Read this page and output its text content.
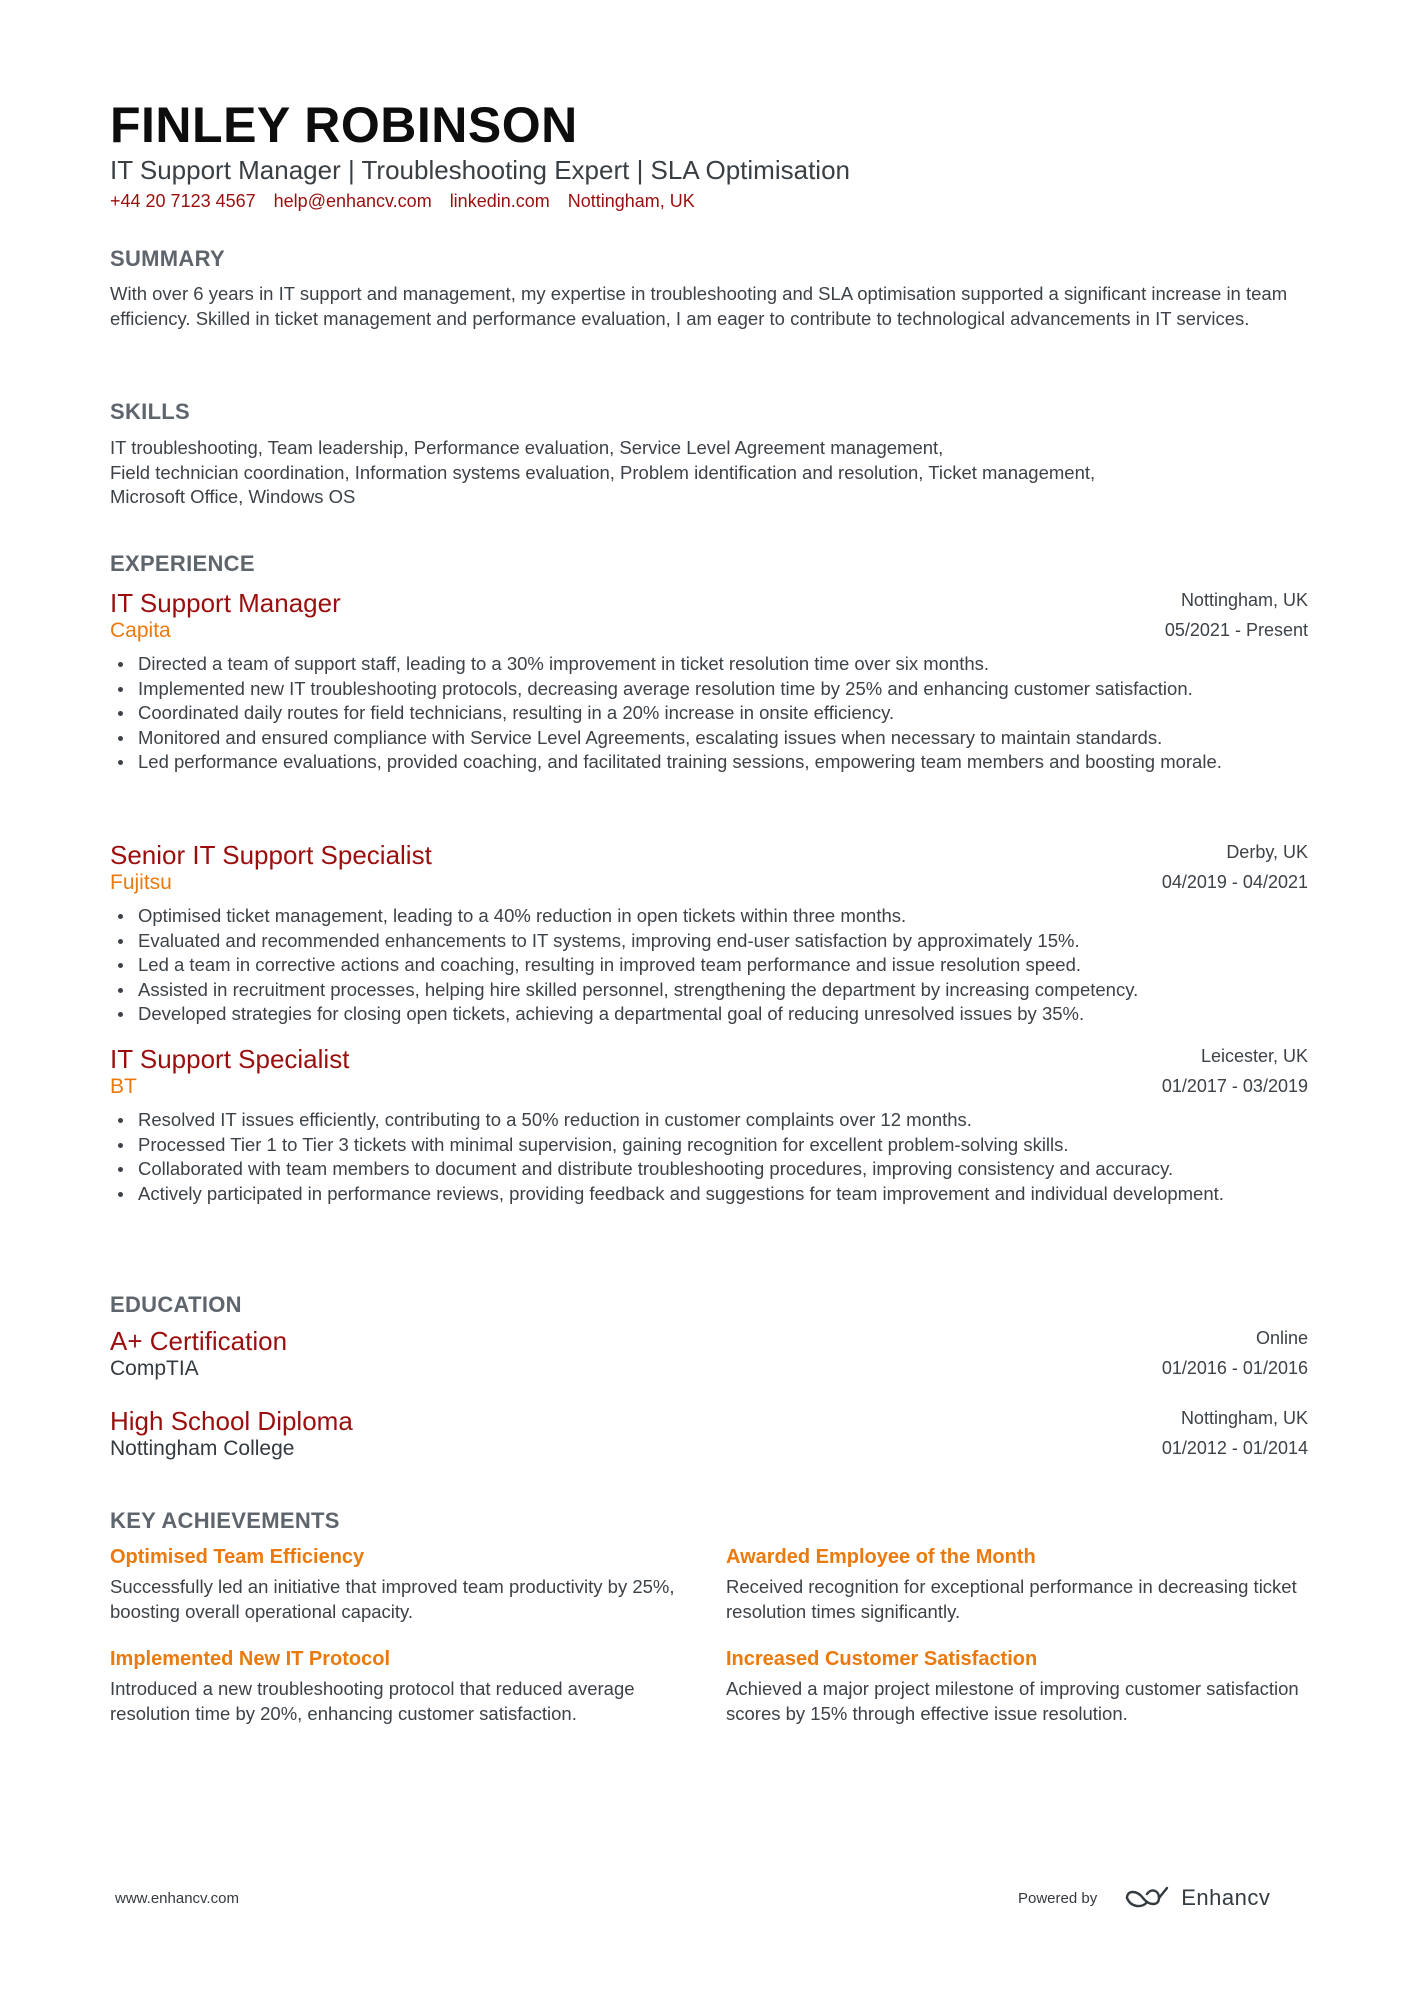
FINLEY ROBINSON
IT Support Manager | Troubleshooting Expert | SLA Optimisation
+44 20 7123 4567 help@enhancv.com linkedin.com Nottingham, UK
SUMMARY
With over 6 years in IT support and management, my expertise in troubleshooting and SLA optimisation supported a significant increase in team efficiency. Skilled in ticket management and performance evaluation, I am eager to contribute to technological advancements in IT services.
SKILLS
IT troubleshooting, Team leadership, Performance evaluation, Service Level Agreement management,
Field technician coordination, Information systems evaluation, Problem identification and resolution, Ticket management,
Microsoft Office, Windows OS
EXPERIENCE
IT Support Manager
Capita
Nottingham, UK
05/2021 - Present
Directed a team of support staff, leading to a 30% improvement in ticket resolution time over six months.
Implemented new IT troubleshooting protocols, decreasing average resolution time by 25% and enhancing customer satisfaction.
Coordinated daily routes for field technicians, resulting in a 20% increase in onsite efficiency.
Monitored and ensured compliance with Service Level Agreements, escalating issues when necessary to maintain standards.
Led performance evaluations, provided coaching, and facilitated training sessions, empowering team members and boosting morale.
Senior IT Support Specialist
Fujitsu
Derby, UK
04/2019 - 04/2021
Optimised ticket management, leading to a 40% reduction in open tickets within three months.
Evaluated and recommended enhancements to IT systems, improving end-user satisfaction by approximately 15%.
Led a team in corrective actions and coaching, resulting in improved team performance and issue resolution speed.
Assisted in recruitment processes, helping hire skilled personnel, strengthening the department by increasing competency.
Developed strategies for closing open tickets, achieving a departmental goal of reducing unresolved issues by 35%.
IT Support Specialist
BT
Leicester, UK
01/2017 - 03/2019
Resolved IT issues efficiently, contributing to a 50% reduction in customer complaints over 12 months.
Processed Tier 1 to Tier 3 tickets with minimal supervision, gaining recognition for excellent problem-solving skills.
Collaborated with team members to document and distribute troubleshooting procedures, improving consistency and accuracy.
Actively participated in performance reviews, providing feedback and suggestions for team improvement and individual development.
EDUCATION
A+ Certification
CompTIA
Online
01/2016 - 01/2016
High School Diploma
Nottingham College
Nottingham, UK
01/2012 - 01/2014
KEY ACHIEVEMENTS
Optimised Team Efficiency
Successfully led an initiative that improved team productivity by 25%, boosting overall operational capacity.
Awarded Employee of the Month
Received recognition for exceptional performance in decreasing ticket resolution times significantly.
Implemented New IT Protocol
Introduced a new troubleshooting protocol that reduced average resolution time by 20%, enhancing customer satisfaction.
Increased Customer Satisfaction
Achieved a major project milestone of improving customer satisfaction scores by 15% through effective issue resolution.
www.enhancv.com	Powered by	Enhancv
